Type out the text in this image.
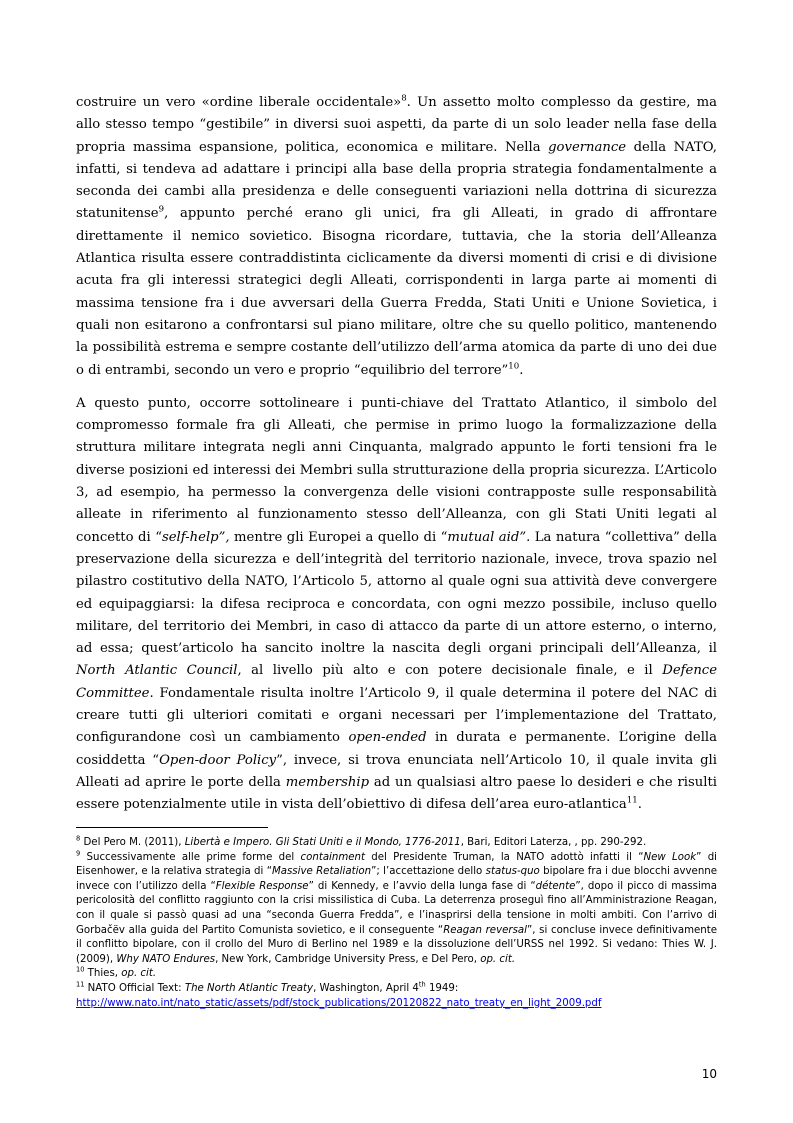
costruire un vero «ordine liberale occidentale»$^8$. Un assetto molto complesso da gestire, ma allo stesso tempo “gestibile” in diversi suoi aspetti, da parte di un solo leader nella fase della propria massima espansione, politica, economica e militare. Nella governance della NATO, infatti, si tendeva ad adattare i principi alla base della propria strategia fondamentalmente a seconda dei cambi alla presidenza e delle conseguenti variazioni nella dottrina di sicurezza statunitense$^9$, appunto perché erano gli unici, fra gli Alleati, in grado di affrontare direttamente il nemico sovietico. Bisogna ricordare, tuttavia, che la storia dell’Alleanza Atlantica risulta essere contraddistinta ciclicamente da diversi momenti di crisi e di divisione acuta fra gli interessi strategici degli Alleati, corrispondenti in larga parte ai momenti di massima tensione fra i due avversari della Guerra Fredda, Stati Uniti e Unione Sovietica, i quali non esitarono a confrontarsi sul piano militare, oltre che su quello politico, mantenendo la possibilità estrema e sempre costante dell’utilizzo dell’arma atomica da parte di uno dei due o di entrambi, secondo un vero e proprio “equilibrio del terrore”$^{10}$.

A questo punto, occorre sottolineare i punti-chiave del Trattato Atlantico, il simbolo del compromesso formale fra gli Alleati, che permise in primo luogo la formalizzazione della struttura militare integrata negli anni Cinquanta, malgrado appunto le forti tensioni fra le diverse posizioni ed interessi dei Membri sulla strutturazione della propria sicurezza. L’Articolo 3, ad esempio, ha permesso la convergenza delle visioni contrapposte sulle responsabilità alleate in riferimento al funzionamento stesso dell’Alleanza, con gli Stati Uniti legati al concetto di “self-help”, mentre gli Europei a quello di “mutual aid”. La natura “collettiva” della preservazione della sicurezza e dell’integrità del territorio nazionale, invece, trova spazio nel pilastro costitutivo della NATO, l’Articolo 5, attorno al quale ogni sua attività deve convergere ed equipaggiarsi: la difesa reciproca e concordata, con ogni mezzo possibile, incluso quello militare, del territorio dei Membri, in caso di attacco da parte di un attore esterno, o interno, ad essa; quest’articolo ha sancito inoltre la nascita degli organi principali dell’Alleanza, il North Atlantic Council, al livello più alto e con potere decisionale finale, e il Defence Committee. Fondamentale risulta inoltre l’Articolo 9, il quale determina il potere del NAC di creare tutti gli ulteriori comitati e organi necessari per l’implementazione del Trattato, configurandone così un cambiamento open-ended in durata e permanente. L’origine della cosiddetta “Open-door Policy”, invece, si trova enunciata nell’Articolo 10, il quale invita gli Alleati ad aprire le porte della membership ad un qualsiasi altro paese lo desideri e che risulti essere potenzialmente utile in vista dell’obiettivo di difesa dell’area euro-atlantica$^{11}$.

$^8$ Del Pero M. (2011), Libertà e Impero. Gli Stati Uniti e il Mondo, 1776-2011, Bari, Editori Laterza, , pp. 290-292.

$^9$ Successivamente alle prime forme del containment del Presidente Truman, la NATO adottò infatti il “New Look” di Eisenhower, e la relativa strategia di “Massive Retaliation”; l’accettazione dello status-quo bipolare fra i due blocchi avvenne invece con l’utilizzo della “Flexible Response” di Kennedy, e l’avvio della lunga fase di “détente”, dopo il picco di massima pericolosità del conflitto raggiunto con la crisi missilistica di Cuba. La deterrenza proseguì fino all’Amministrazione Reagan, con il quale si passò quasi ad una “seconda Guerra Fredda”, e l’inasprirsi della tensione in molti ambiti. Con l’arrivo di Gorbačëv alla guida del Partito Comunista sovietico, e il conseguente “Reagan reversal”, si concluse invece definitivamente il conflitto bipolare, con il crollo del Muro di Berlino nel 1989 e la dissoluzione dell’URSS nel 1992. Si vedano: Thies W. J. (2009), Why NATO Endures, New York, Cambridge University Press, e Del Pero, op. cit.

$^{10}$ Thies, op. cit.

$^{11}$ NATO Official Text: The North Atlantic Treaty, Washington, April 4th 1949:

http://www.nato.int/nato_static/assets/pdf/stock_publications/20120822_nato_treaty_en_light_2009.pdf

10
